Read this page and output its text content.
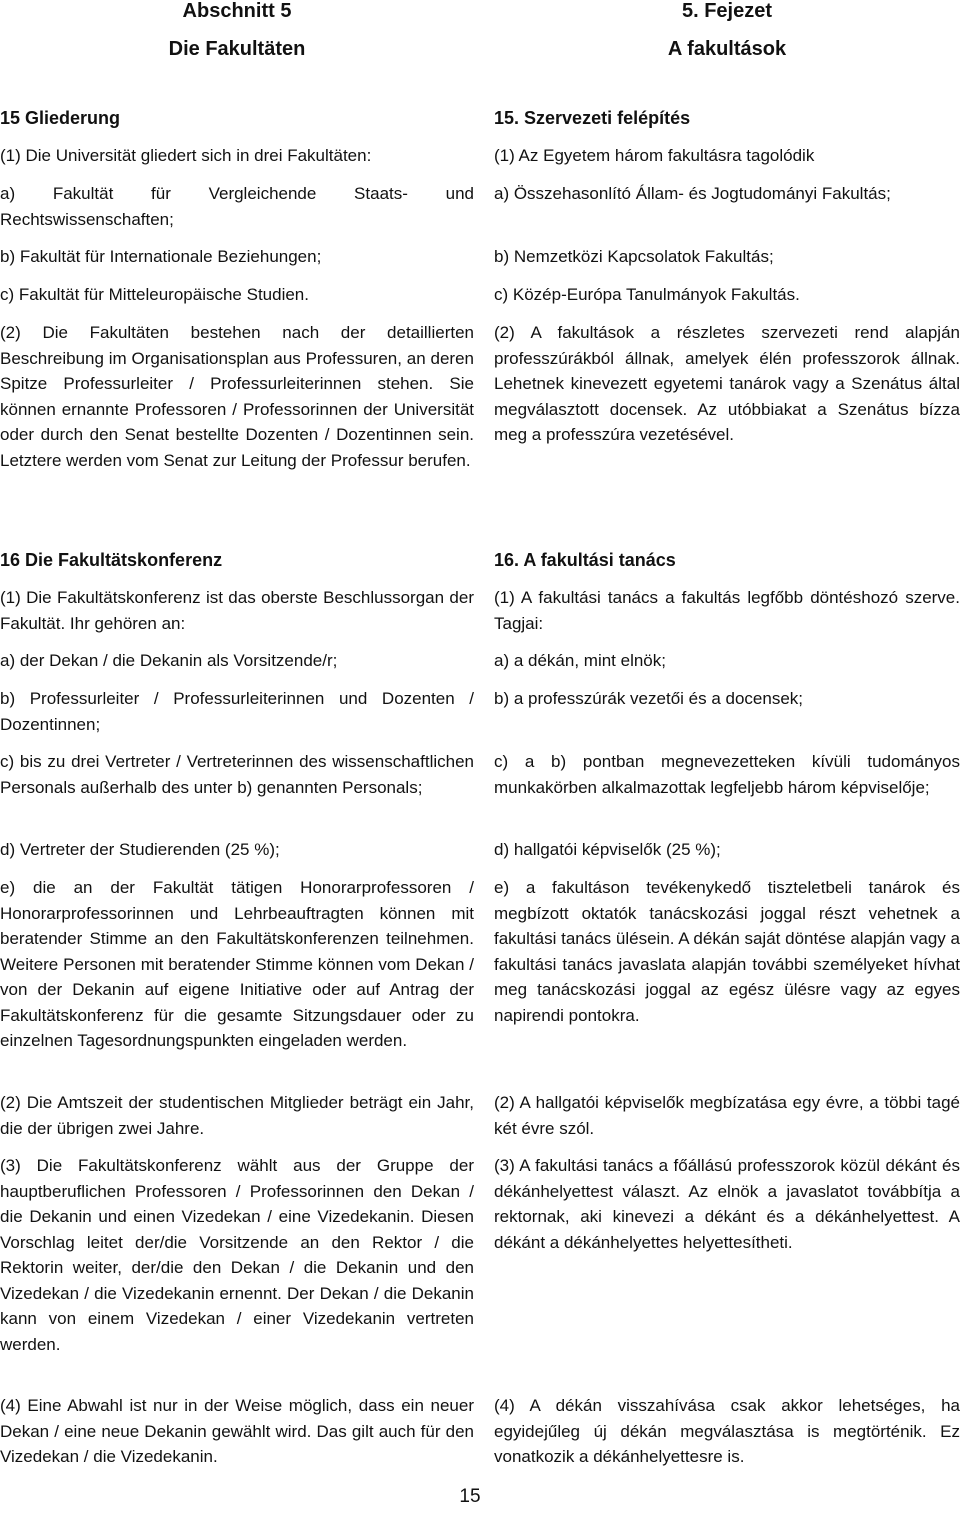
Abschnitt 5

Die Fakultäten

15 Gliederung

(1) Die Universität gliedert sich in drei Fakultäten:

a) Fakultät für Vergleichende Staats- und Rechtswissenschaften;

b) Fakultät für Internationale Beziehungen;

c) Fakultät für Mitteleuropäische Studien.

(2) Die Fakultäten bestehen nach der detaillierten Beschreibung im Organisationsplan aus Professuren, an deren Spitze Professurleiter / Professurleiterinnen stehen. Sie können ernannte Professoren / Professorinnen der Universität oder durch den Senat bestellte Dozenten / Dozentinnen sein. Letztere werden vom Senat zur Leitung der Professur berufen.

16 Die Fakultätskonferenz

(1) Die Fakultätskonferenz ist das oberste Beschlussorgan der Fakultät. Ihr gehören an:

a) der Dekan / die Dekanin als Vorsitzende/r;

b) Professurleiter / Professurleiterinnen und Dozenten / Dozentinnen;

c) bis zu drei Vertreter / Vertreterinnen des wissenschaftlichen Personals außerhalb des unter b) genannten Personals;

d) Vertreter der Studierenden (25 %);

e) die an der Fakultät tätigen Honorarprofessoren / Honorarprofessorinnen und Lehrbeauftragten können mit beratender Stimme an den Fakultätskonferenzen teilnehmen. Weitere Personen mit beratender Stimme können vom Dekan / von der Dekanin auf eigene Initiative oder auf Antrag der Fakultätskonferenz für die gesamte Sitzungsdauer oder zu einzelnen Tagesordnungspunkten eingeladen werden.

(2) Die Amtszeit der studentischen Mitglieder beträgt ein Jahr, die der übrigen zwei Jahre.

(3) Die Fakultätskonferenz wählt aus der Gruppe der hauptberuflichen Professoren / Professorinnen den Dekan / die Dekanin und einen Vizedekan / eine Vizedekanin. Diesen Vorschlag leitet der/die Vorsitzende an den Rektor / die Rektorin weiter, der/die den Dekan / die Dekanin und den Vizedekan / die Vizedekanin ernennt. Der Dekan / die Dekanin kann von einem Vizedekan / einer Vizedekanin vertreten werden.

(4) Eine Abwahl ist nur in der Weise möglich, dass ein neuer Dekan / eine neue Dekanin gewählt wird. Das gilt auch für den Vizedekan / die Vizedekanin.

5. Fejezet

A fakultások

15. Szervezeti felépítés

(1) Az Egyetem három fakultásra tagolódik

a) Összehasonlító Állam- és Jogtudományi Fakultás;

b) Nemzetközi Kapcsolatok Fakultás;

c) Közép-Európa Tanulmányok Fakultás.

(2) A fakultások a részletes szervezeti rend alapján professzúrákból állnak, amelyek élén professzorok állnak. Lehetnek kinevezett egyetemi tanárok vagy a Szenátus által megválasztott docensek. Az utóbbiakat a Szenátus bízza meg a professzúra vezetésével.

16. A fakultási tanács

(1) A fakultási tanács a fakultás legfőbb döntéshozó szerve. Tagjai:

a) a dékán, mint elnök;

b) a professzúrák vezetői és a docensek;

c) a b) pontban megnevezetteken kívüli tudományos munkakörben alkalmazottak legfeljebb három képviselője;

d) hallgatói képviselők (25 %);

e) a fakultáson tevékenykedő tiszteletbeli tanárok és megbízott oktatók tanácskozási joggal részt vehetnek a fakultási tanács ülésein. A dékán saját döntése alapján vagy a fakultási tanács javaslata alapján további személyeket hívhat meg tanácskozási joggal az egész ülésre vagy az egyes napirendi pontokra.

(2) A hallgatói képviselők megbízatása egy évre, a többi tagé két évre szól.

(3) A fakultási tanács a főállású professzorok közül dékánt és dékánhelyettest választ. Az elnök a javaslatot továbbítja a rektornak, aki kinevezi a dékánt és a dékánhelyettest. A dékánt a dékánhelyettes helyettesítheti.

(4) A dékán visszahívása csak akkor lehetséges, ha egyidejűleg új dékán megválasztása is megtörténik. Ez vonatkozik a dékánhelyettesre is.

15
